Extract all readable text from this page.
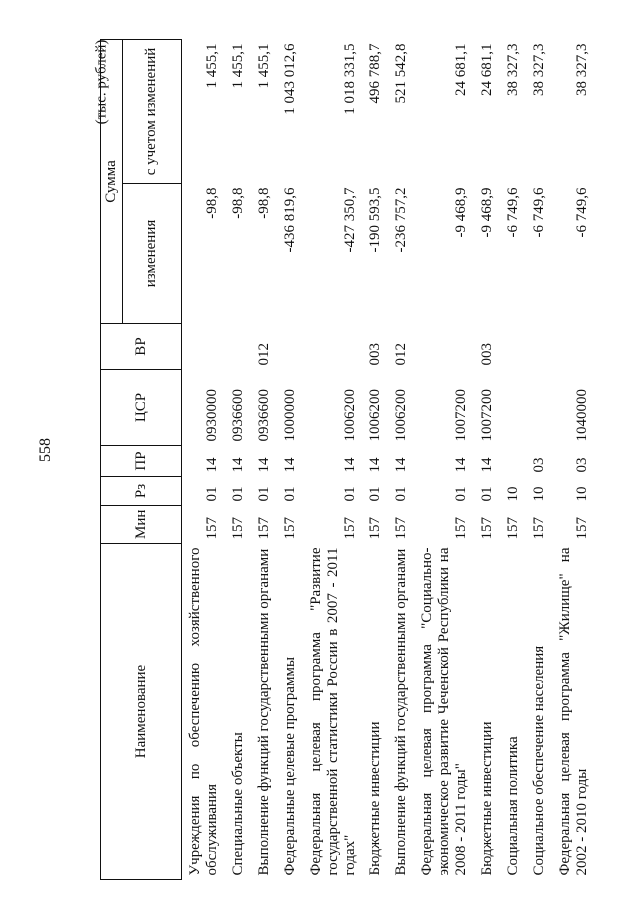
558
(тыс. рублей)
Наименование	Мин	Рз	ПР	ЦСР	ВР	Сумма	
						изменения	с учетом изменений
Учреждения по обеспечению хозяйственного обслуживания	157	01	14	0930000		-98,8	1 455,1
Специальные объекты	157	01	14	0936600		-98,8	1 455,1
Выполнение функций государственными органами	157	01	14	0936600	012	-98,8	1 455,1
Федеральные целевые программы	157	01	14	1000000		-436 819,6	1 043 012,6
Федеральная целевая программа "Развитие государственной статистики России в 2007 - 2011 годах"	157	01	14	1006200		-427 350,7	1 018 331,5
Бюджетные инвестиции	157	01	14	1006200	003	-190 593,5	496 788,7
Выполнение функций государственными органами	157	01	14	1006200	012	-236 757,2	521 542,8
Федеральная целевая программа "Социально-экономическое развитие Чеченской Республики на 2008 - 2011 годы"	157	01	14	1007200		-9 468,9	24 681,1
Бюджетные инвестиции	157	01	14	1007200	003	-9 468,9	24 681,1
Социальная политика	157	10				-6 749,6	38 327,3
Социальное обеспечение населения	157	10	03			-6 749,6	38 327,3
Федеральная целевая программа "Жилище" на 2002 - 2010 годы	157	10	03	1040000		-6 749,6	38 327,3
